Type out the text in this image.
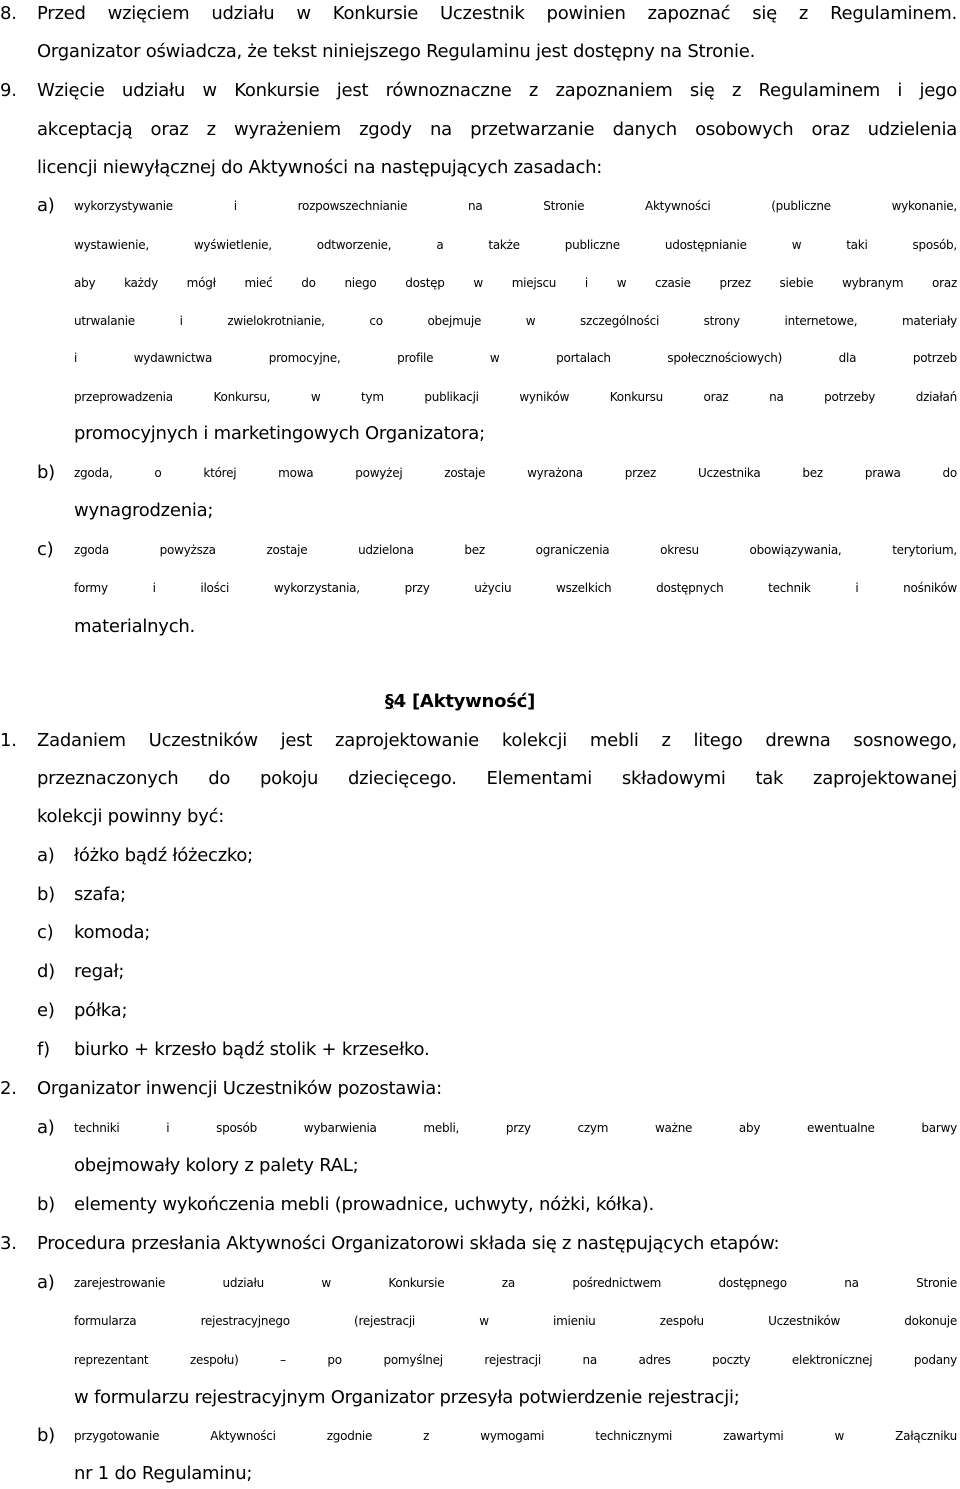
8. Przed wzięciem udziału w Konkursie Uczestnik powinien zapoznać się z Regulaminem.
Organizator oświadcza, że tekst niniejszego Regulaminu jest dostępny na Stronie.
9. Wzięcie udziału w Konkursie jest równoznaczne z zapoznaniem się z Regulaminem i jego
akceptacją oraz z wyrażeniem zgody na przetwarzanie danych osobowych oraz udzielenia
licencji niewyłącznej do Aktywności na następujących zasadach:
a) wykorzystywanie i rozpowszechnianie na Stronie Aktywności (publiczne wykonanie,
wystawienie, wyświetlenie, odtworzenie, a także publiczne udostępnianie w taki sposób,
aby każdy mógł mieć do niego dostęp w miejscu i w czasie przez siebie wybranym oraz
utrwalanie i zwielokrotnianie, co obejmuje w szczególności strony internetowe, materiały
i wydawnictwa promocyjne, profile w portalach społecznościowych) dla potrzeb
przeprowadzenia Konkursu, w tym publikacji wyników Konkursu oraz na potrzeby działań
promocyjnych i marketingowych Organizatora;
b) zgoda, o której mowa powyżej zostaje wyrażona przez Uczestnika bez prawa do
wynagrodzenia;
c) zgoda powyższa zostaje udzielona bez ograniczenia okresu obowiązywania, terytorium,
formy i ilości wykorzystania, przy użyciu wszelkich dostępnych technik i nośników
materialnych.
§4 [Aktywność]
1. Zadaniem Uczestników jest zaprojektowanie kolekcji mebli z litego drewna sosnowego,
przeznaczonych do pokoju dziecięcego. Elementami składowymi tak zaprojektowanej
kolekcji powinny być:
a) łóżko bądź łóżeczko;
b) szafa;
c) komoda;
d) regał;
e) półka;
f) biurko + krzesło bądź stolik + krzesełko.
2. Organizator inwencji Uczestników pozostawia:
a) techniki i sposób wybarwienia mebli, przy czym ważne aby ewentualne barwy
obejmowały kolory z palety RAL;
b) elementy wykończenia mebli (prowadnice, uchwyty, nóżki, kółka).
3. Procedura przesłania Aktywności Organizatorowi składa się z następujących etapów:
a) zarejestrowanie udziału w Konkursie za pośrednictwem dostępnego na Stronie
formularza rejestracyjnego (rejestracji w imieniu zespołu Uczestników dokonuje
reprezentant zespołu) – po pomyślnej rejestracji na adres poczty elektronicznej podany
w formularzu rejestracyjnym Organizator przesyła potwierdzenie rejestracji;
b) przygotowanie Aktywności zgodnie z wymogami technicznymi zawartymi w Załączniku
nr 1 do Regulaminu;
